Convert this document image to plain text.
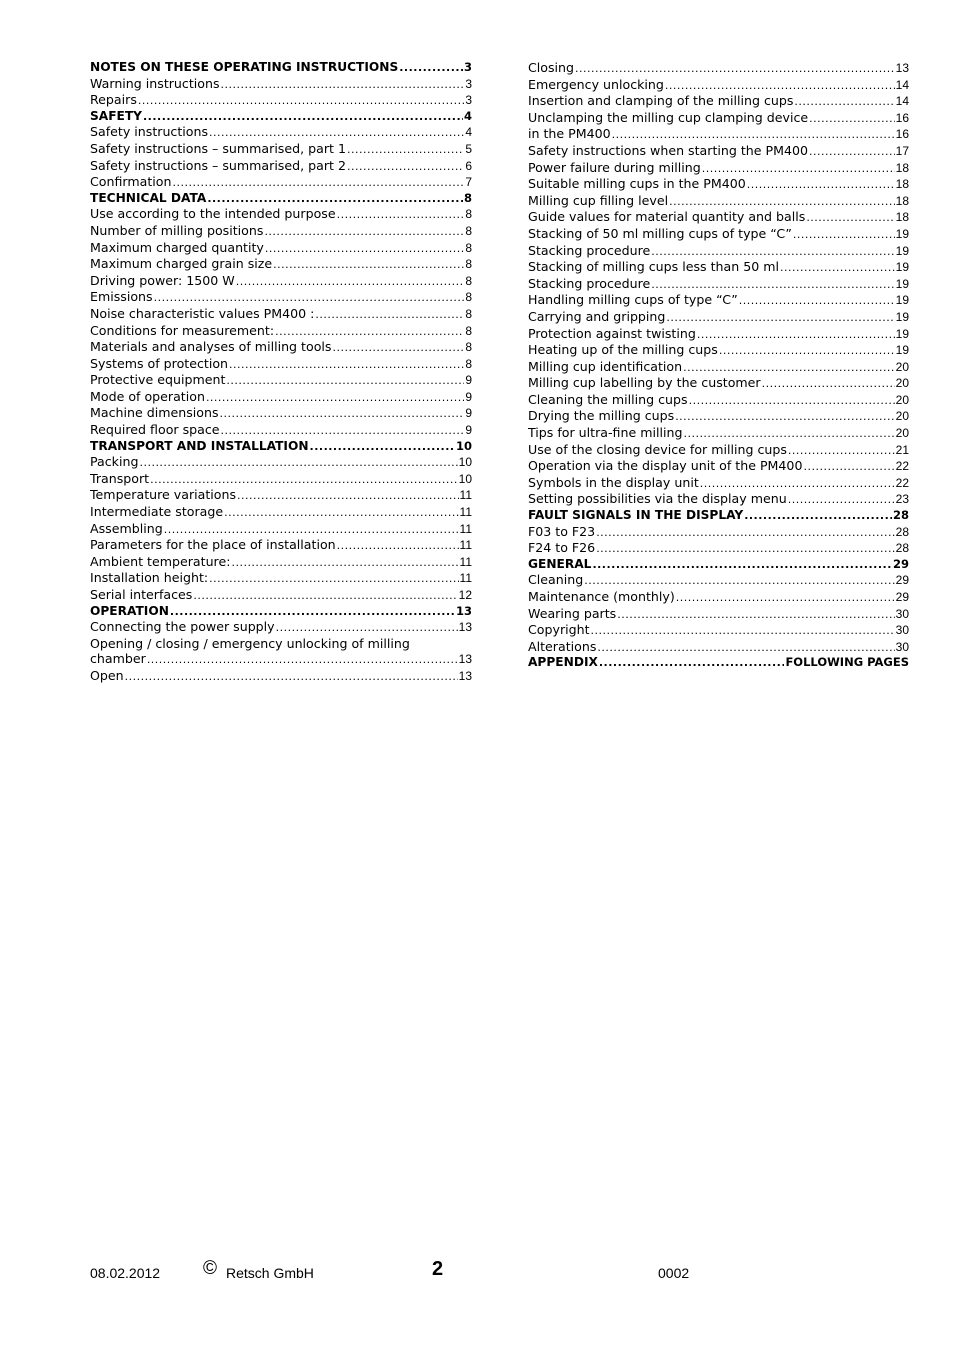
NOTES ON THESE OPERATING INSTRUCTIONS .....	3
Warning instructions .....	3
Repairs .....	3
SAFETY .....	4
Safety instructions .....	4
Safety instructions – summarised, part 1 .....	5
Safety instructions – summarised, part 2 .....	6
Confirmation .....	7
TECHNICAL DATA .....	8
Use according to the intended purpose .....	8
Number of milling positions .....	8
Maximum charged quantity .....	8
Maximum charged grain size .....	8
Driving power: 1500 W .....	8
Emissions .....	8
Noise characteristic values PM400 : .....	8
Conditions for measurement: .....	8
Materials and analyses of milling tools .....	8
Systems of protection .....	8
Protective equipment .....	9
Mode of operation .....	9
Machine dimensions .....	9
Required floor space .....	9
TRANSPORT AND INSTALLATION .....	10
Packing .....	10
Transport .....	10
Temperature variations .....	11
Intermediate storage .....	11
Assembling .....	11
Parameters for the place of installation .....	11
Ambient temperature: .....	11
Installation height: .....	11
Serial interfaces .....	12
OPERATION .....	13
Connecting the power supply .....	13
Opening / closing / emergency unlocking of milling
chamber .....	13
Open .....	13
Closing .....	13
Emergency unlocking .....	14
Insertion and clamping of the milling cups .....	14
Unclamping the milling cup clamping device .....	16
in the PM400 .....	16
Safety instructions when starting the PM400 .....	17
Power failure during milling .....	18
Suitable milling cups in the PM400 .....	18
Milling cup filling level .....	18
Guide values for material quantity and balls .....	18
Stacking of 50 ml milling cups of type “C” .....	19
Stacking procedure .....	19
Stacking of milling cups less than 50 ml .....	19
Stacking procedure .....	19
Handling milling cups of type “C” .....	19
Carrying and gripping .....	19
Protection against twisting .....	19
Heating up of the milling cups .....	19
Milling cup identification .....	20
Milling cup labelling by the customer .....	20
Cleaning the milling cups .....	20
Drying the milling cups .....	20
Tips for ultra-fine milling .....	20
Use of the closing device for milling cups .....	21
Operation via the display unit of the PM400 .....	22
Symbols in the display unit .....	22
Setting possibilities via the display menu .....	23
FAULT SIGNALS IN THE DISPLAY .....	28
F03 to F23 .....	28
F24 to F26 .....	28
GENERAL .....	29
Cleaning .....	29
Maintenance (monthly) .....	29
Wearing parts .....	30
Copyright .....	30
Alterations .....	30
APPENDIX .....	FOLLOWING PAGES
08.02.2012 © Retsch GmbH	2	0002
